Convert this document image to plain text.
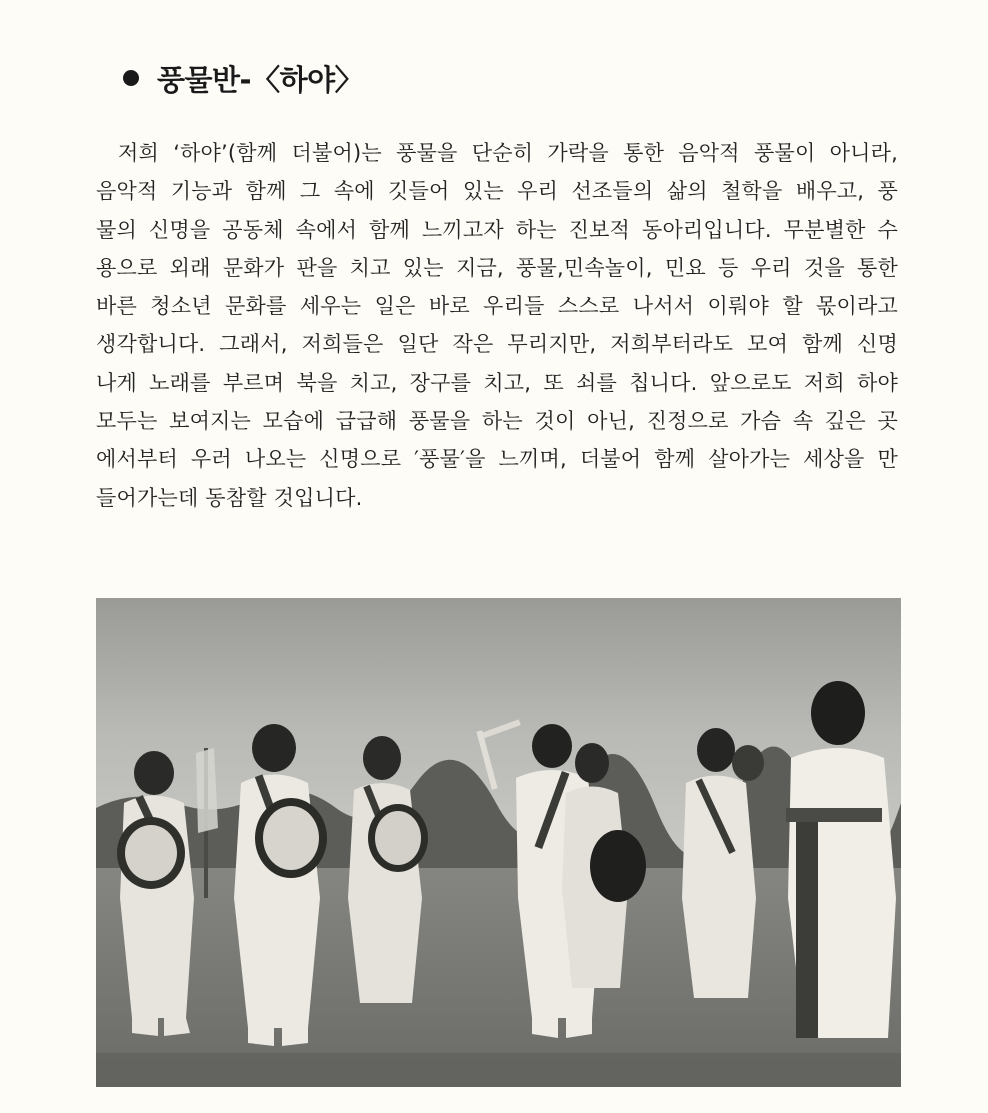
풍물반-〈하야〉
저희 ‘하야’(함께 더불어)는 풍물을 단순히 가락을 통한 음악적 풍물이 아니라,
음악적 기능과 함께 그 속에 깃들어 있는 우리 선조들의 삶의 철학을 배우고, 풍
물의 신명을 공동체 속에서 함께 느끼고자 하는 진보적 동아리입니다. 무분별한 수
용으로 외래 문화가 판을 치고 있는 지금, 풍물,민속놀이, 민요 등 우리 것을 통한
바른 청소년 문화를 세우는 일은 바로 우리들 스스로 나서서 이뤄야 할 몫이라고
생각합니다. 그래서, 저희들은 일단 작은 무리지만, 저희부터라도 모여 함께 신명
나게 노래를 부르며 북을 치고, 장구를 치고, 또 쇠를 칩니다. 앞으로도 저희 하야
모두는 보여지는 모습에 급급해 풍물을 하는 것이 아닌, 진정으로 가슴 속 깊은 곳
에서부터 우러 나오는 신명으로 ′풍물′을 느끼며, 더불어 함께 살아가는 세상을 만
들어가는데 동참할 것입니다.
